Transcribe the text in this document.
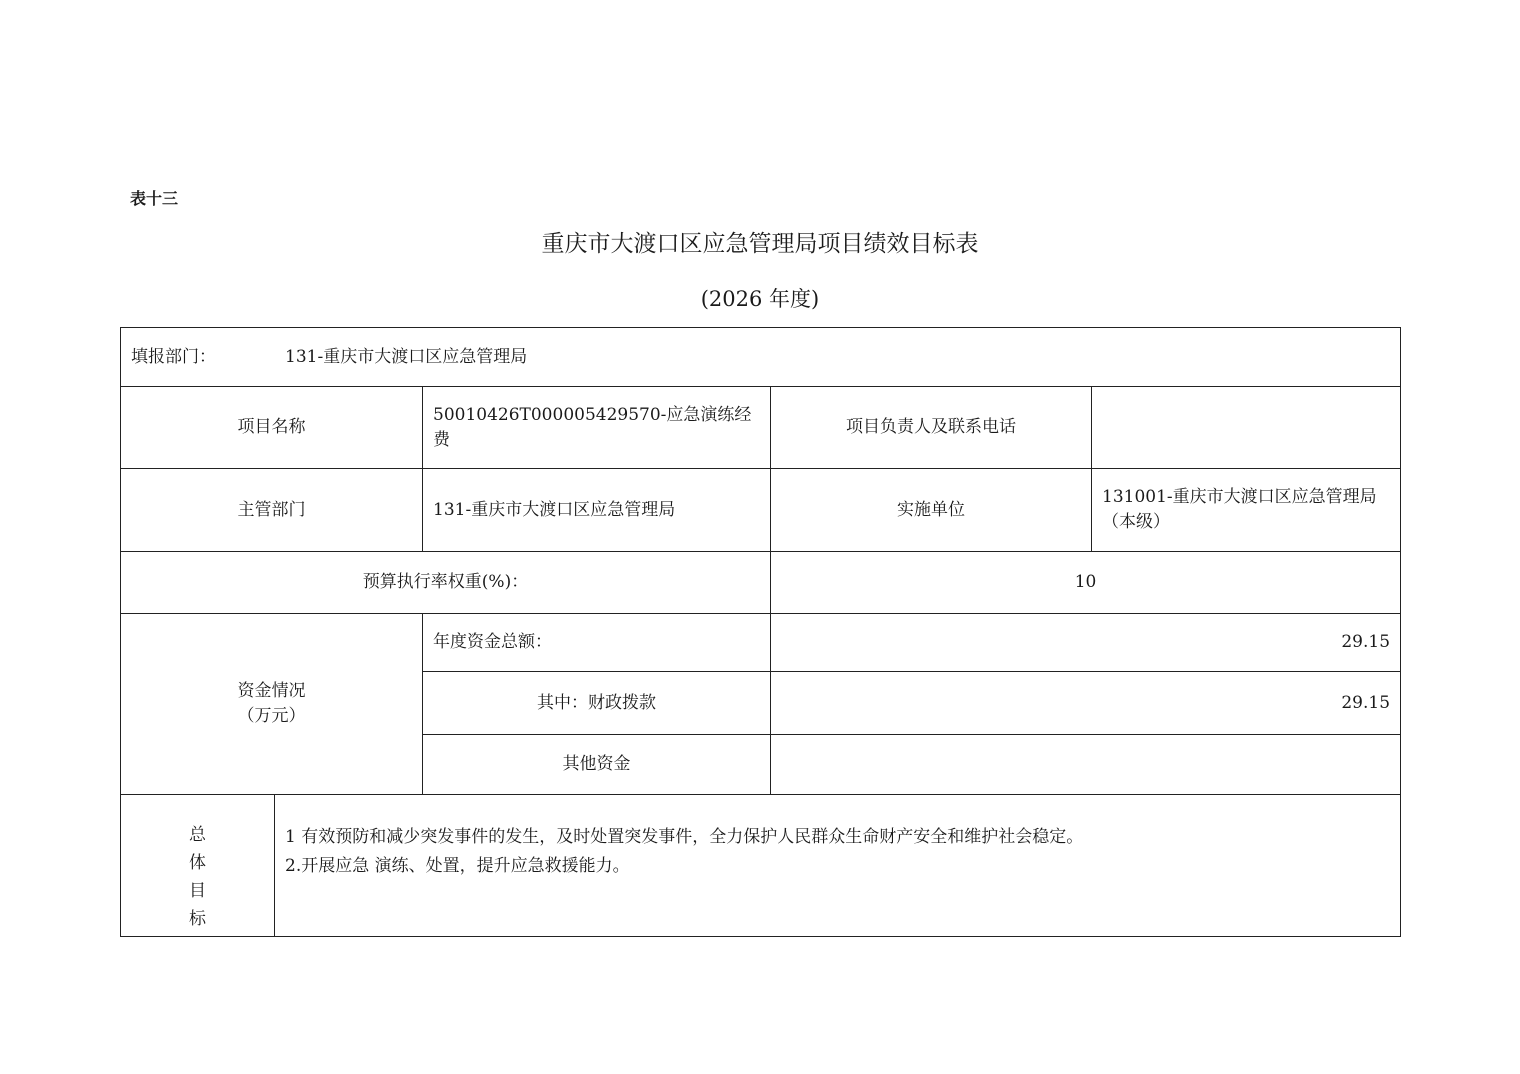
表十三
重庆市大渡口区应急管理局项目绩效目标表
(2026 年度)
填报部门： 131-重庆市大渡口区应急管理局				
项目名称		50010426T000005429570-应急演练经费	项目负责人及联系电话	
主管部门		131-重庆市大渡口区应急管理局	实施单位	131001-重庆市大渡口区应急管理局（本级）
预算执行率权重(%)：			10	

资金情况
（万元）		年度资金总额：	29.15	
		其中：财政拨款	29.15	
		其他资金		

总
体
目
标	1 有效预防和减少突发事件的发生，及时处置突发事件，全力保护人民群众生命财产安全和维护社会稳定。
2.开展应急 演练、处置，提升应急救援能力。			
